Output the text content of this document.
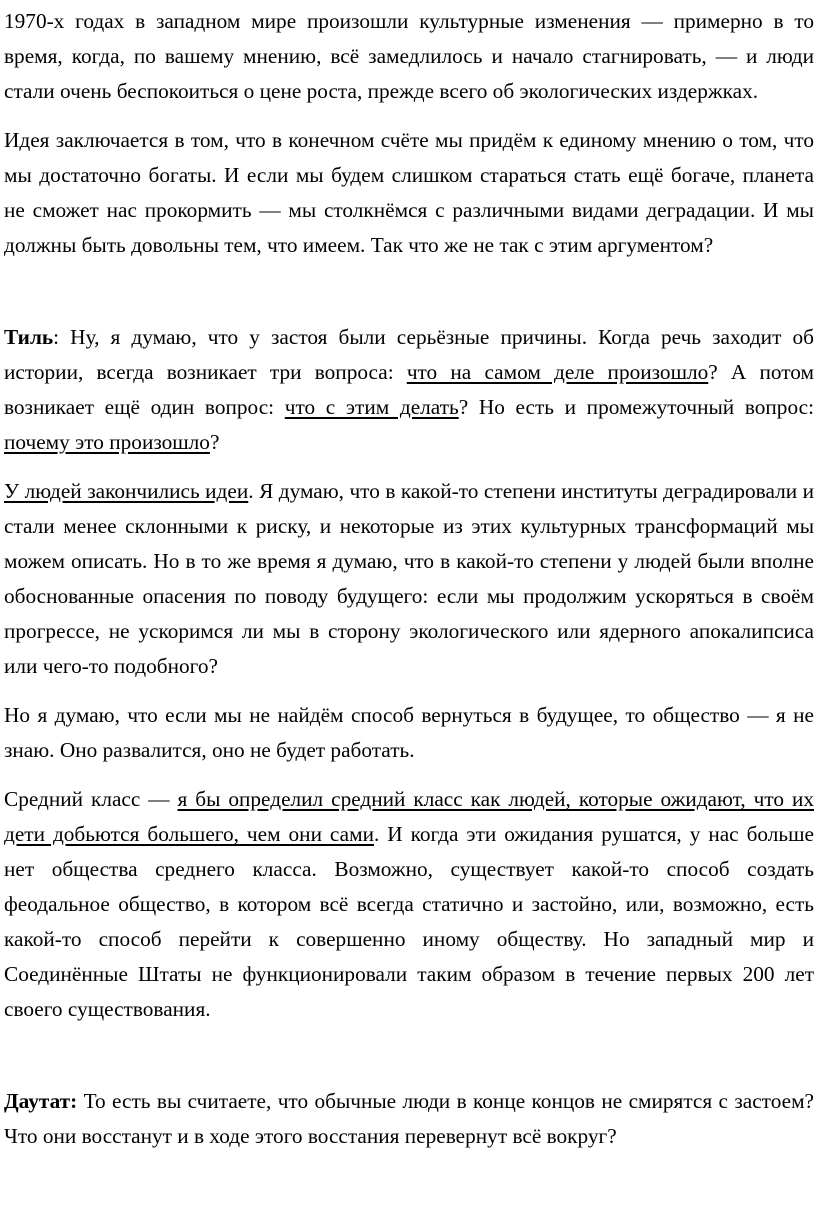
1970-х годах в западном мире произошли культурные изменения — примерно в то время, когда, по вашему мнению, всё замедлилось и начало стагнировать, — и люди стали очень беспокоиться о цене роста, прежде всего об экологических издержках.

Идея заключается в том, что в конечном счёте мы придём к единому мнению о том, что мы достаточно богаты. И если мы будем слишком стараться стать ещё богаче, планета не сможет нас прокормить — мы столкнёмся с различными видами деградации. И мы должны быть довольны тем, что имеем. Так что же не так с этим аргументом?

Тиль: Ну, я думаю, что у застоя были серьёзные причины. Когда речь заходит об истории, всегда возникает три вопроса: что на самом деле произошло? А потом возникает ещё один вопрос: что с этим делать? Но есть и промежуточный вопрос: почему это произошло?

У людей закончились идеи. Я думаю, что в какой-то степени институты деградировали и стали менее склонными к риску, и некоторые из этих культурных трансформаций мы можем описать. Но в то же время я думаю, что в какой-то степени у людей были вполне обоснованные опасения по поводу будущего: если мы продолжим ускоряться в своём прогрессе, не ускоримся ли мы в сторону экологического или ядерного апокалипсиса или чего-то подобного?

Но я думаю, что если мы не найдём способ вернуться в будущее, то общество — я не знаю. Оно развалится, оно не будет работать.

Средний класс — я бы определил средний класс как людей, которые ожидают, что их дети добьются большего, чем они сами. И когда эти ожидания рушатся, у нас больше нет общества среднего класса. Возможно, существует какой-то способ создать феодальное общество, в котором всё всегда статично и застойно, или, возможно, есть какой-то способ перейти к совершенно иному обществу. Но западный мир и Соединённые Штаты не функционировали таким образом в течение первых 200 лет своего существования.

Даутат: То есть вы считаете, что обычные люди в конце концов не смирятся с застоем? Что они восстанут и в ходе этого восстания перевернут всё вокруг?
